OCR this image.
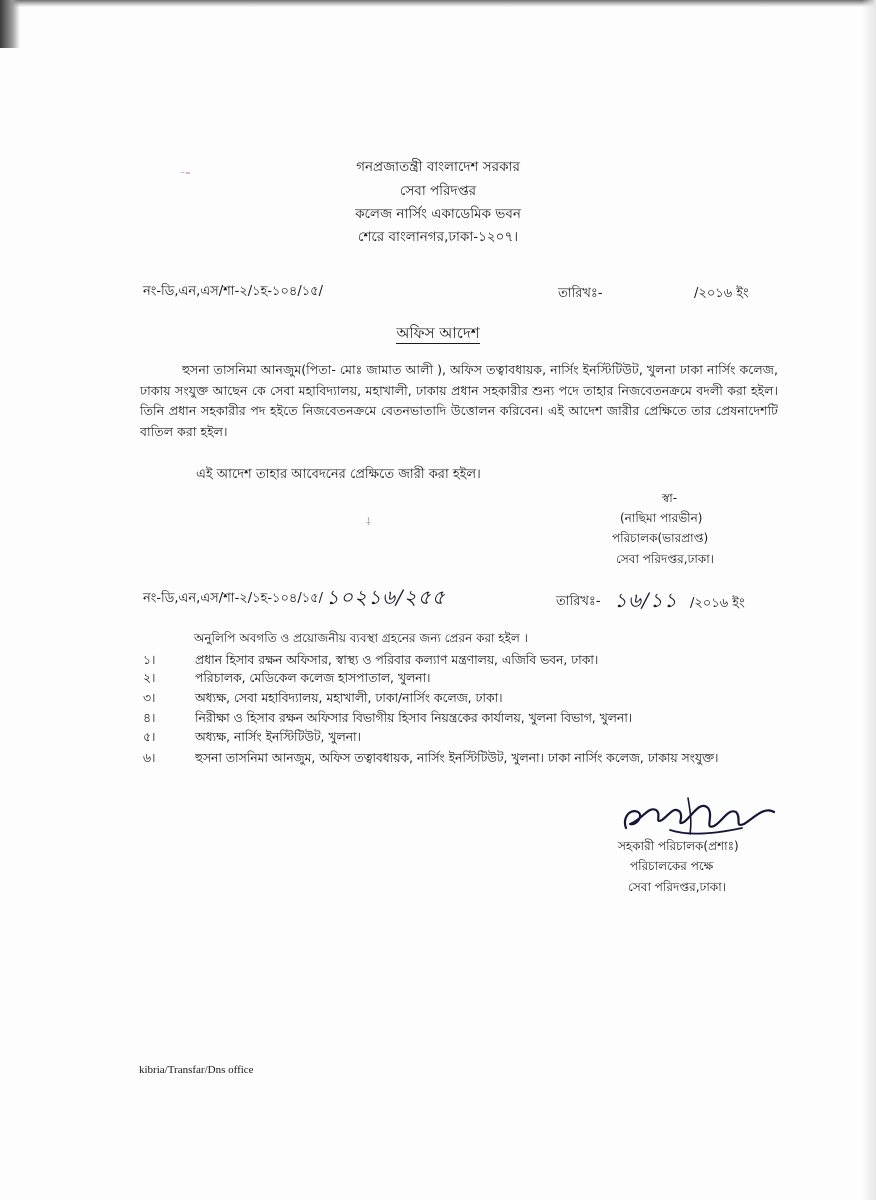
⁻⁼
⸸
গনপ্রজাতন্ত্রী বাংলাদেশ সরকার
সেবা পরিদপ্তর
কলেজ নার্সিং একাডেমিক ভবন
শেরে বাংলানগর,ঢাকা-১২০৭।
নং-ডি,এন,এস/শা-২/১হ-১০৪/১৫/	তারিখঃ-	/২০১৬ ইং
অফিস আদেশ
হুসনা তাসনিমা আনজুম(পিতা- মোঃ জামাত আলী ), অফিস তত্বাবধায়ক, নার্সিং ইনস্টিটিউট, খুলনা ঢাকা নার্সিং কলেজ, ঢাকায় সংযুক্ত আছেন কে সেবা মহাবিদ্যালয়, মহাখালী, ঢাকায় প্রধান সহকারীর শুন্য পদে তাহার নিজবেতনক্রমে বদলী করা হইল। তিনি প্রধান সহকারীর পদ হইতে নিজবেতনক্রমে বেতনভাতাদি উত্তোলন করিবেন। এই আদেশ জারীর প্রেক্ষিতে তার প্রেষনাদেশটি বাতিল করা হইল।
এই আদেশ তাহার আবেদনের প্রেক্ষিতে জারী করা হইল।
স্বা-
(নাছিমা পারভীন)
পরিচালক(ভারপ্রাপ্ত)
সেবা পরিদপ্তর,ঢাকা।
নং-ডি,এন,এস/শা-২/১হ-১০৪/১৫/ ১০২১৬/২৫৫	তারিখঃ- ১৬/১১ /২০১৬ ইং
অনুলিপি অবগতি ও প্রয়োজনীয় ব্যবস্থা গ্রহনের জন্য প্রেরন করা হইল ।
১।	প্রধান হিসাব রক্ষন অফিসার, স্বাস্থ্য ও পরিবার কল্যাণ মন্ত্রণালয়, এজিবি ভবন, ঢাকা।
২।	পরিচালক, মেডিকেল কলেজ হাসপাতাল, খুলনা।
৩।	অধ্যক্ষ, সেবা মহাবিদ্যালয়, মহাখালী, ঢাকা/নার্সিং কলেজ, ঢাকা।
৪।	নিরীক্ষা ও হিসাব রক্ষন অফিসার বিভাগীয় হিসাব নিয়ন্ত্রকের কার্যালয়, খুলনা বিভাগ, খুলনা।
৫।	অধ্যক্ষ, নার্সিং ইনস্টিটিউট, খুলনা।
৬।	হুসনা তাসনিমা আনজুম, অফিস তত্বাবধায়ক, নার্সিং ইনস্টিটিউট, খুলনা। ঢাকা নার্সিং কলেজ, ঢাকায় সংযুক্ত।
সহকারী পরিচালক(প্রশাঃ)
পরিচালকের পক্ষে
সেবা পরিদপ্তর,ঢাকা।
kibria/Transfar/Dns office
